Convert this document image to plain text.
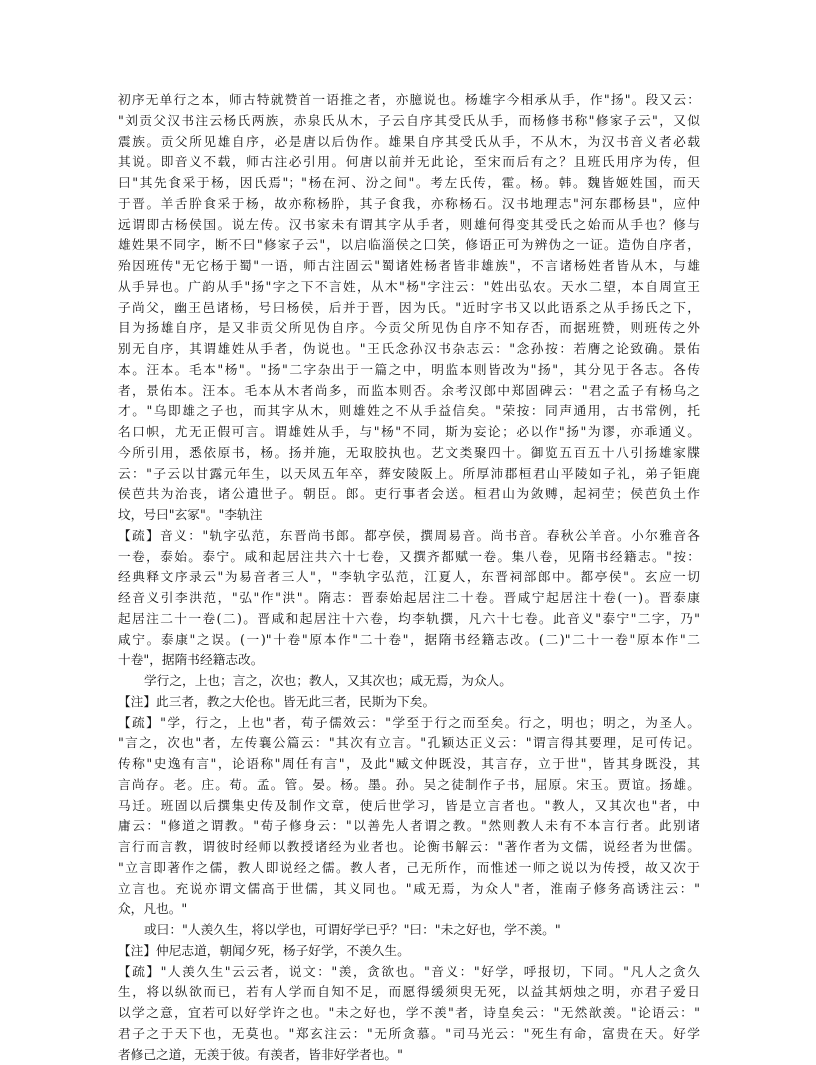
初序无单行之本，师古特就赞首一语推之者，亦臆说也。杨雄字今相承从手，作"扬"。段又云：
"刘贡父汉书注云杨氏两族，赤泉氏从木，子云自序其受氏从手，而杨修书称"修家子云"，又似
震族。贡父所见雄自序，必是唐以后伪作。雄果自序其受氏从手，不从木，为汉书音义者必载
其说。即音义不载，师古注必引用。何唐以前并无此论，至宋而后有之？且班氏用序为传，但
曰"其先食采于杨，因氏焉"；"杨在河、汾之间"。考左氏传，霍。杨。韩。魏皆姬姓国，而天
于晋。羊舌肸食采于杨，故亦称杨肸，其子食我，亦称杨石。汉书地理志"河东郡杨县"，应仲
远谓即古杨侯国。说左传。汉书家未有谓其字从手者，则雄何得变其受氏之始而从手也？修与
雄姓果不同字，断不曰"修家子云"，以启临淄侯之囗笑，修语正可为辨伪之一证。造伪自序者，
殆因班传"无它杨于蜀"一语，师古注固云"蜀诸姓杨者皆非雄族"，不言诸杨姓者皆从木，与雄
从手异也。广韵从手"扬"字之下不言姓，从木"杨"字注云："姓出弘农。天水二望，本自周宣王
子尚父，幽王邑诸杨，号曰杨侯，后并于晋，因为氏。"近时字书又以此语系之从手扬氏之下，
目为扬雄自序，是又非贡父所见伪自序。今贡父所见伪自序不知存否，而据班赞，则班传之外
别无自序，其谓雄姓从手者，伪说也。"王氏念孙汉书杂志云："念孙按：若膺之论致确。景佑
本。汪本。毛本"杨"。"扬"二字杂出于一篇之中，明监本则皆改为"扬"，其分见于各志。各传
者，景佑本。汪本。毛本从木者尚多，而监本则否。余考汉郎中郑固碑云："君之孟子有杨乌之
才。"乌即雄之子也，而其字从木，则雄姓之不从手益信矣。"荣按：同声通用，古书常例，托
名口帜，尤无正假可言。谓雄姓从手，与"杨"不同，斯为妄论；必以作"扬"为谬，亦乖通义。
今所引用，悉依原书，杨。扬并施，无取胶执也。艺文类聚四十。御览五百五十八引扬雄家牒
云："子云以甘露元年生，以天凤五年卒，葬安陵阪上。所厚沛郡桓君山平陵如子礼，弟子钜鹿
侯芭共为治丧，诸公遣世子。朝臣。郎。吏行事者会送。桓君山为敛赙，起祠茔；侯芭负土作
坟，号曰"玄冢"。"李轨注
【疏】音义："轨字弘范，东晋尚书郎。都亭侯，撰周易音。尚书音。春秋公羊音。小尔雅音各
一卷，泰始。泰宁。咸和起居注共六十七卷，又撰齐都赋一卷。集八卷，见隋书经籍志。"按：
经典释文序录云"为易音者三人"，"李轨字弘范，江夏人，东晋祠部郎中。都亭侯"。玄应一切
经音义引李洪范，"弘"作"洪"。隋志：晋泰始起居注二十卷。晋咸宁起居注十卷(一)。晋泰康
起居注二十一卷(二)。晋咸和起居注十六卷，均李轨撰，凡六十七卷。此音义"泰宁"二字，乃"
咸宁。泰康"之误。(一)"十卷"原本作"二十卷"，据隋书经籍志改。(二)"二十一卷"原本作"二
十卷"，据隋书经籍志改。
学行之，上也；言之，次也；教人，又其次也；咸无焉，为众人。
【注】此三者，教之大伦也。皆无此三者，民斯为下矣。
【疏】"学，行之，上也"者，荀子儒效云："学至于行之而至矣。行之，明也；明之，为圣人。
"言之，次也"者，左传襄公篇云："其次有立言。"孔颖达正义云："谓言得其要理，足可传记。
传称"史逸有言"，论语称"周任有言"，及此"臧文仲既没，其言存，立于世"，皆其身既没，其
言尚存。老。庄。荀。孟。管。晏。杨。墨。孙。吴之徒制作子书，屈原。宋玉。贾谊。扬雄。
马迁。班固以后撰集史传及制作文章，使后世学习，皆是立言者也。"教人，又其次也"者，中
庸云："修道之谓教。"荀子修身云："以善先人者谓之教。"然则教人未有不本言行者。此别诸
言行而言教，谓彼时经师以教授诸经为业者也。论衡书解云："著作者为文儒，说经者为世儒。
"立言即著作之儒，教人即说经之儒。教人者，己无所作，而惟述一师之说以为传授，故又次于
立言也。充说亦谓文儒高于世儒，其义同也。"咸无焉，为众人"者，淮南子修务高诱注云："
众，凡也。"
或曰："人羡久生，将以学也，可谓好学已乎？"曰："未之好也，学不羡。"
【注】仲尼志道，朝闻夕死，杨子好学，不羡久生。
【疏】"人羡久生"云云者，说文："羡，贪欲也。"音义："好学，呼报切，下同。"凡人之贪久
生，将以纵欲而已，若有人学而自知不足，而愿得缓须臾无死，以益其炳烛之明，亦君子爱日
以学之意，宜若可以好学许之也。"未之好也，学不羡"者，诗皇矣云："无然歆羡。"论语云："
君子之于天下也，无莫也。"郑玄注云："无所贪慕。"司马光云："死生有命，富贵在天。好学
者修己之道，无羡于彼。有羡者，皆非好学者也。"
